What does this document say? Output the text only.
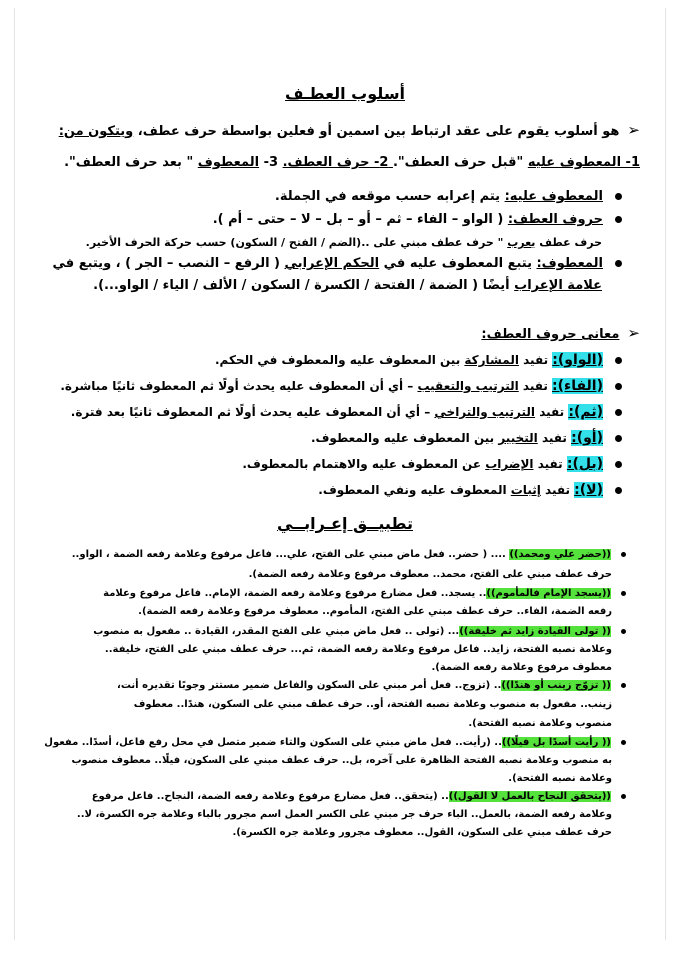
أسلوب العطـف
➢هو أسلوب يقوم على عقد ارتباط بين اسمين أو فعلين بواسطة حرف عطف، ويتكون من:
1- المعطوف عليه "قبل حرف العطف". 2- حرف العطف. 3- المعطوف " بعد حرف العطف".
المعطوف عليه: يتم إعرابه حسب موقعه في الجملة.
حروف العطف: ( الواو – الفاء – ثم – أو – بل – لا – حتى – أم ).
حرف عطف يعرب " حرف عطف مبني على ..(الضم / الفتح / السكون) حسب حركة الحرف الأخير.
المعطوف: يتبع المعطوف عليه في الحكم الإعرابي ( الرفع – النصب – الجر ) ، ويتبع في
علامة الإعراب أيضًا ( الضمة / الفتحة / الكسرة / السكون / الألف / الياء / الواو...).
➢معانى حروف العطف:
(الواو): تفيد المشاركة بين المعطوف عليه والمعطوف في الحكم.
(الفاء): تفيد الترتيب والتعقيب – أي أن المعطوف عليه يحدث أولًا ثم المعطوف ثانيًا مباشرة.
(ثم): تفيد الترتيب والتراخي – أي أن المعطوف عليه يحدث أولًا ثم المعطوف ثانيًا بعد فترة.
(أو): تفيد التخيير بين المعطوف عليه والمعطوف.
(بل): تفيد الإضراب عن المعطوف عليه والاهتمام بالمعطوف.
(لا): تفيد إثبات المعطوف عليه ونفي المعطوف.
تطبيــق إعـرابــي
((حضر علي ومحمد)) .... ( حضر.. فعل ماض مبني على الفتح، علي... فاعل مرفوع وعلامة رفعه الضمة ، الواو..
حرف عطف مبني على الفتح، محمد.. معطوف مرفوع وعلامة رفعه الضمة).
((يسجد الإمام فالمأموم)).. يسجد.. فعل مضارع مرفوع وعلامة رفعه الضمة، الإمام.. فاعل مرفوع وعلامة
رفعه الضمة، الفاء.. حرف عطف مبني على الفتح، المأموم.. معطوف مرفوع وعلامة رفعه الضمة).
(( تولى القيادة زايد ثم خليفة))... (تولى .. فعل ماض مبني على الفتح المقدر، القيادة .. مفعول به منصوب
وعلامة نصبه الفتحة، زايد.. فاعل مرفوع وعلامة رفعه الضمة، ثم... حرف عطف مبني على الفتح، خليفة..
معطوف مرفوع وعلامة رفعه الضمة).
(( تزوّج زينب أو هندًا)).. (تزوج.. فعل أمر مبني على السكون والفاعل ضمير مستتر وجوبًا تقديره أنت،
زينب.. مفعول به منصوب وعلامة نصبه الفتحة، أو.. حرف عطف مبني على السكون، هندًا.. معطوف
منصوب وعلامة نصبه الفتحة).
(( رأيت أسدًا بل فيلًا)).. (رأيت.. فعل ماض مبني على السكون والتاء ضمير متصل في محل رفع فاعل، أسدًا.. مفعول
به منصوب وعلامة نصبه الفتحة الظاهرة على آخره، بل.. حرف عطف مبني على السكون، فيلًا.. معطوف منصوب
وعلامة نصبه الفتحة).
((يتحقق النجاح بالعمل لا القول)).. (يتحقق.. فعل مضارع مرفوع وعلامة رفعه الضمة، النجاح.. فاعل مرفوع
وعلامة رفعه الضمة، بالعمل.. الباء حرف جر مبني على الكسر العمل اسم مجرور بالباء وعلامة جره الكسرة، لا..
حرف عطف مبني على السكون، القول.. معطوف مجرور وعلامة جره الكسرة).
